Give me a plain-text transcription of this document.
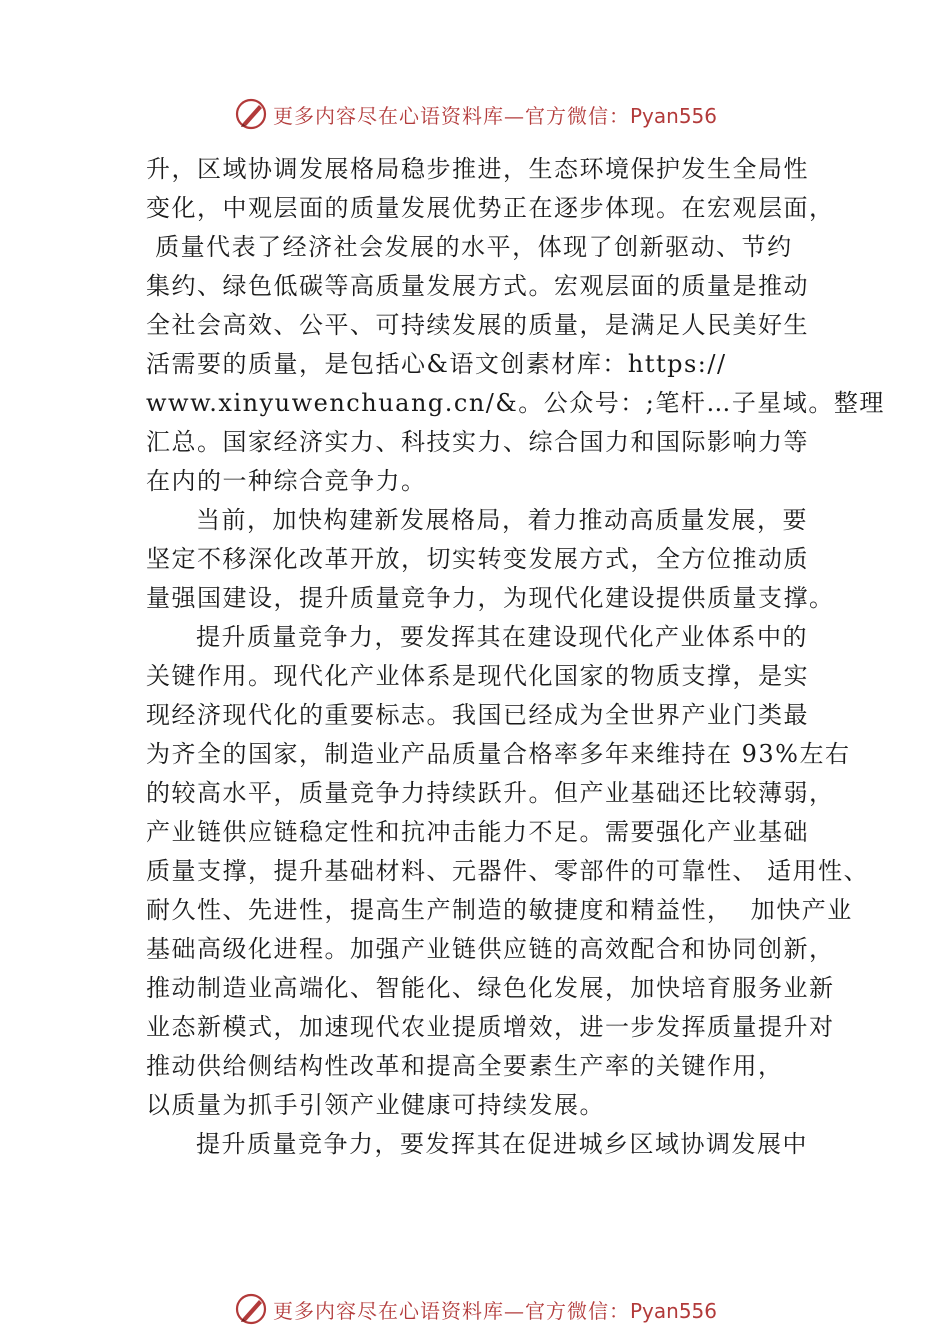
更多内容尽在心语资料库—官方微信：Pyan556
升，区域协调发展格局稳步推进，生态环境保护发生全局性
变化，中观层面的质量发展优势正在逐步体现。在宏观层面，
质量代表了经济社会发展的水平，体现了创新驱动、节约
集约、绿色低碳等高质量发展方式。宏观层面的质量是推动
全社会高效、公平、可持续发展的质量，是满足人民美好生
活需要的质量，是包括心&语文创素材库：https://
www.xinyuwenchuang.cn/&。公众号：;笔杆…子星域。整理
汇总。国家经济实力、科技实力、综合国力和国际影响力等
在内的一种综合竞争力。
当前，加快构建新发展格局，着力推动高质量发展，要
坚定不移深化改革开放，切实转变发展方式，全方位推动质
量强国建设，提升质量竞争力，为现代化建设提供质量支撑。
提升质量竞争力，要发挥其在建设现代化产业体系中的
关键作用。现代化产业体系是现代化国家的物质支撑，是实
现经济现代化的重要标志。我国已经成为全世界产业门类最
为齐全的国家，制造业产品质量合格率多年来维持在 93%左右
的较高水平，质量竞争力持续跃升。但产业基础还比较薄弱，
产业链供应链稳定性和抗冲击能力不足。需要强化产业基础
质量支撑，提升基础材料、元器件、零部件的可靠性、 适用性、
耐久性、先进性，提高生产制造的敏捷度和精益性，  加快产业
基础高级化进程。加强产业链供应链的高效配合和协同创新，
推动制造业高端化、智能化、绿色化发展，加快培育服务业新
业态新模式，加速现代农业提质增效，进一步发挥质量提升对
推动供给侧结构性改革和提高全要素生产率的关键作用，
以质量为抓手引领产业健康可持续发展。
提升质量竞争力，要发挥其在促进城乡区域协调发展中
更多内容尽在心语资料库—官方微信：Pyan556
